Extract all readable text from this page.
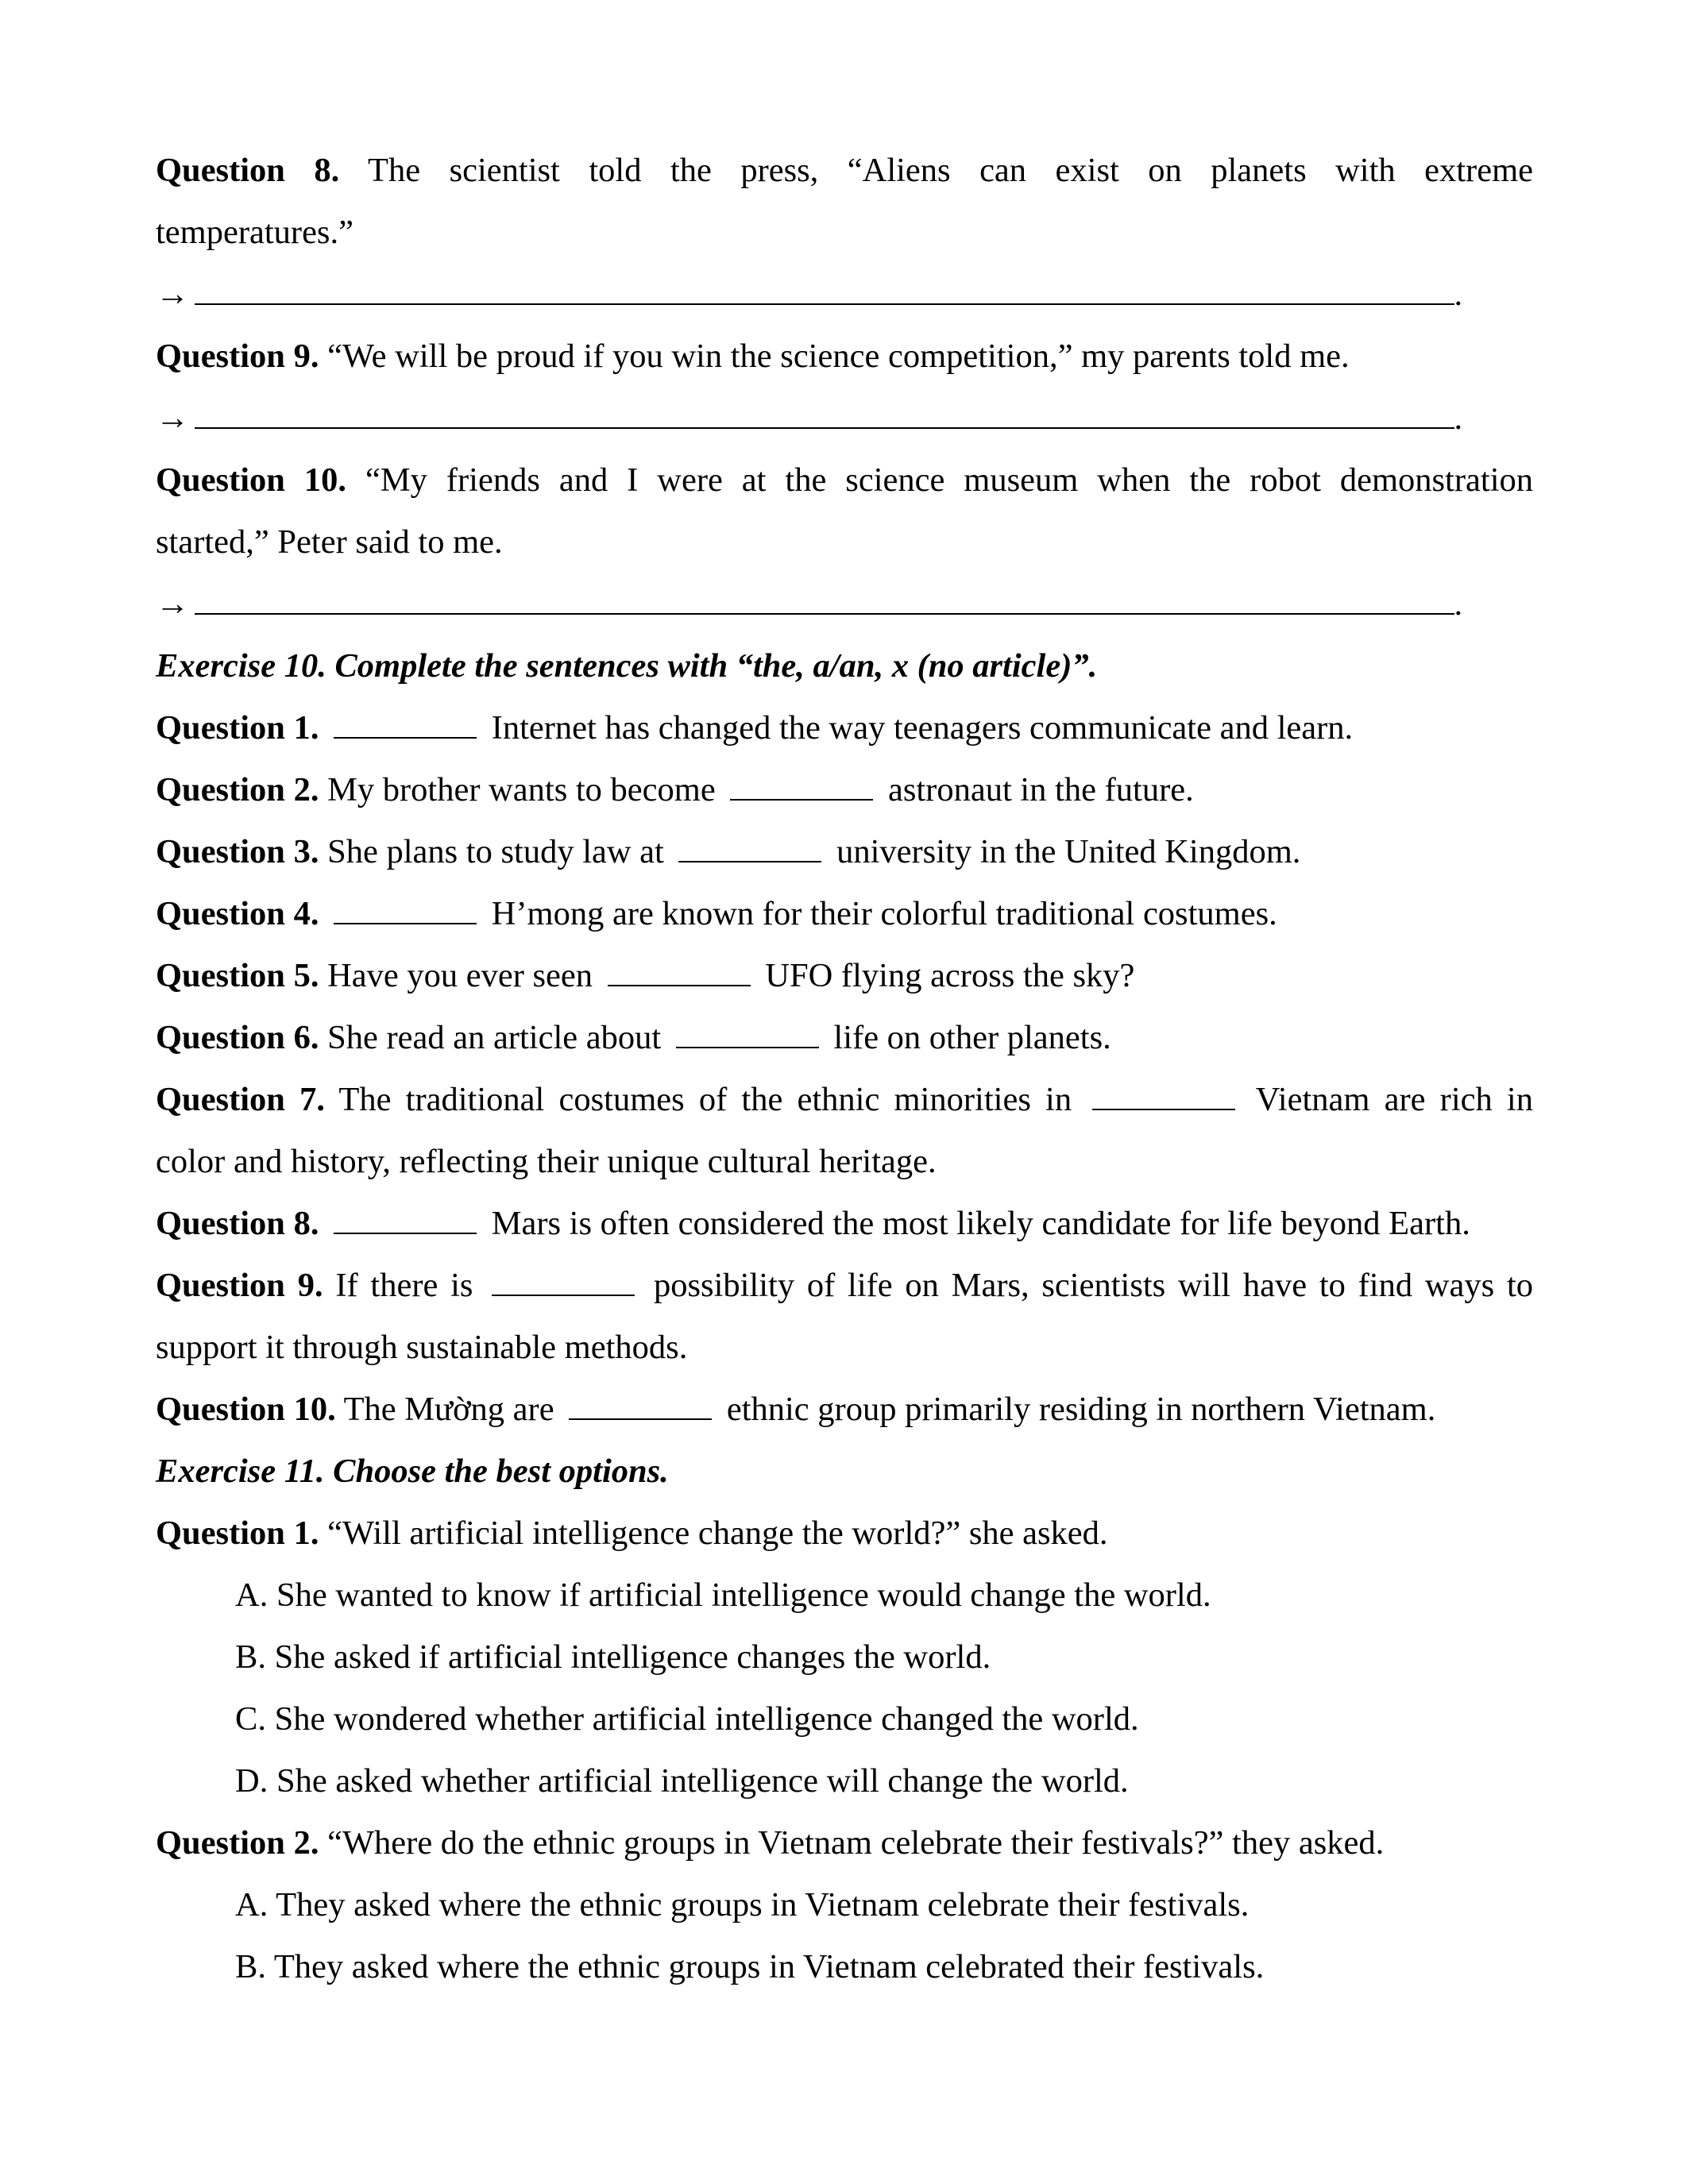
Question 8. The scientist told the press, “Aliens can exist on planets with extreme
temperatures.”
→	.
Question 9. “We will be proud if you win the science competition,” my parents told me.
→	.
Question 10. “My friends and I were at the science museum when the robot demonstration
started,” Peter said to me.
→	.
Exercise 10. Complete the sentences with “the, a/an, x (no article)”.
Question 1.	Internet has changed the way teenagers communicate and learn.
Question 2. My brother wants to become	astronaut in the future.
Question 3. She plans to study law at	university in the United Kingdom.
Question 4.	H’mong are known for their colorful traditional costumes.
Question 5. Have you ever seen	UFO flying across the sky?
Question 6. She read an article about	life on other planets.
Question 7. The traditional costumes of the ethnic minorities in	Vietnam are rich in
color and history, reflecting their unique cultural heritage.
Question 8.	Mars is often considered the most likely candidate for life beyond Earth.
Question 9. If there is	possibility of life on Mars, scientists will have to find ways to
support it through sustainable methods.
Question 10. The Mường are	ethnic group primarily residing in northern Vietnam.
Exercise 11. Choose the best options.
Question 1. “Will artificial intelligence change the world?” she asked.
A. She wanted to know if artificial intelligence would change the world.
B. She asked if artificial intelligence changes the world.
C. She wondered whether artificial intelligence changed the world.
D. She asked whether artificial intelligence will change the world.
Question 2. “Where do the ethnic groups in Vietnam celebrate their festivals?” they asked.
A. They asked where the ethnic groups in Vietnam celebrate their festivals.
B. They asked where the ethnic groups in Vietnam celebrated their festivals.
